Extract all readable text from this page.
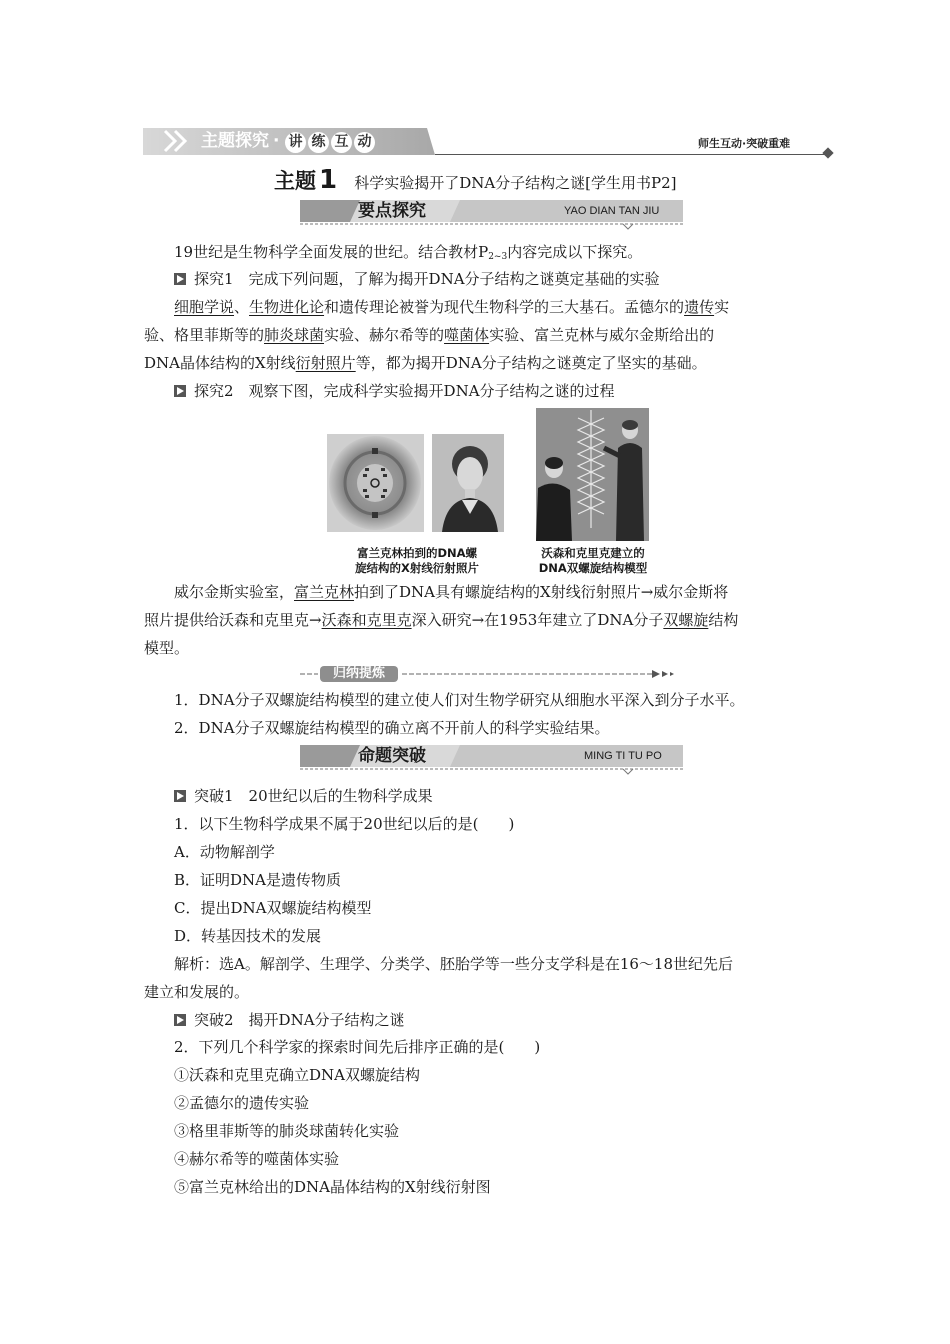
主题探究 · 讲 练 互 动	师生互动·突破重难
主题 1 科学实验揭开了DNA分子结构之谜[学生用书P2]
要点探究	YAO DIAN TAN JIU
19世纪是生物科学全面发展的世纪。结合教材$P_{2\sim 3}$内容完成以下探究。
探究1　完成下列问题，了解为揭开DNA分子结构之谜奠定基础的实验
细胞学说、生物进化论和遗传理论被誉为现代生物科学的三大基石。孟德尔的遗传实
验、格里菲斯等的肺炎球菌实验、赫尔希等的噬菌体实验、富兰克林与威尔金斯给出的
DNA晶体结构的X射线衍射照片等，都为揭开DNA分子结构之谜奠定了坚实的基础。
探究2　观察下图，完成科学实验揭开DNA分子结构之谜的过程
富兰克林拍到的DNA螺
旋结构的X射线衍射照片
沃森和克里克建立的
DNA双螺旋结构模型
威尔金斯实验室，富兰克林拍到了DNA具有螺旋结构的X射线衍射照片→威尔金斯将
照片提供给沃森和克里克→沃森和克里克深入研究→在1953年建立了DNA分子双螺旋结构
模型。
归纳提炼
1．DNA分子双螺旋结构模型的建立使人们对生物学研究从细胞水平深入到分子水平。
2．DNA分子双螺旋结构模型的确立离不开前人的科学实验结果。
命题突破	MING TI TU PO
突破1　20世纪以后的生物科学成果
1．以下生物科学成果不属于20世纪以后的是(　　)
A．动物解剖学
B．证明DNA是遗传物质
C．提出DNA双螺旋结构模型
D．转基因技术的发展
解析：选A。解剖学、生理学、分类学、胚胎学等一些分支学科是在16～18世纪先后
建立和发展的。
突破2　揭开DNA分子结构之谜
2．下列几个科学家的探索时间先后排序正确的是(　　)
①沃森和克里克确立DNA双螺旋结构
②孟德尔的遗传实验
③格里菲斯等的肺炎球菌转化实验
④赫尔希等的噬菌体实验
⑤富兰克林给出的DNA晶体结构的X射线衍射图
